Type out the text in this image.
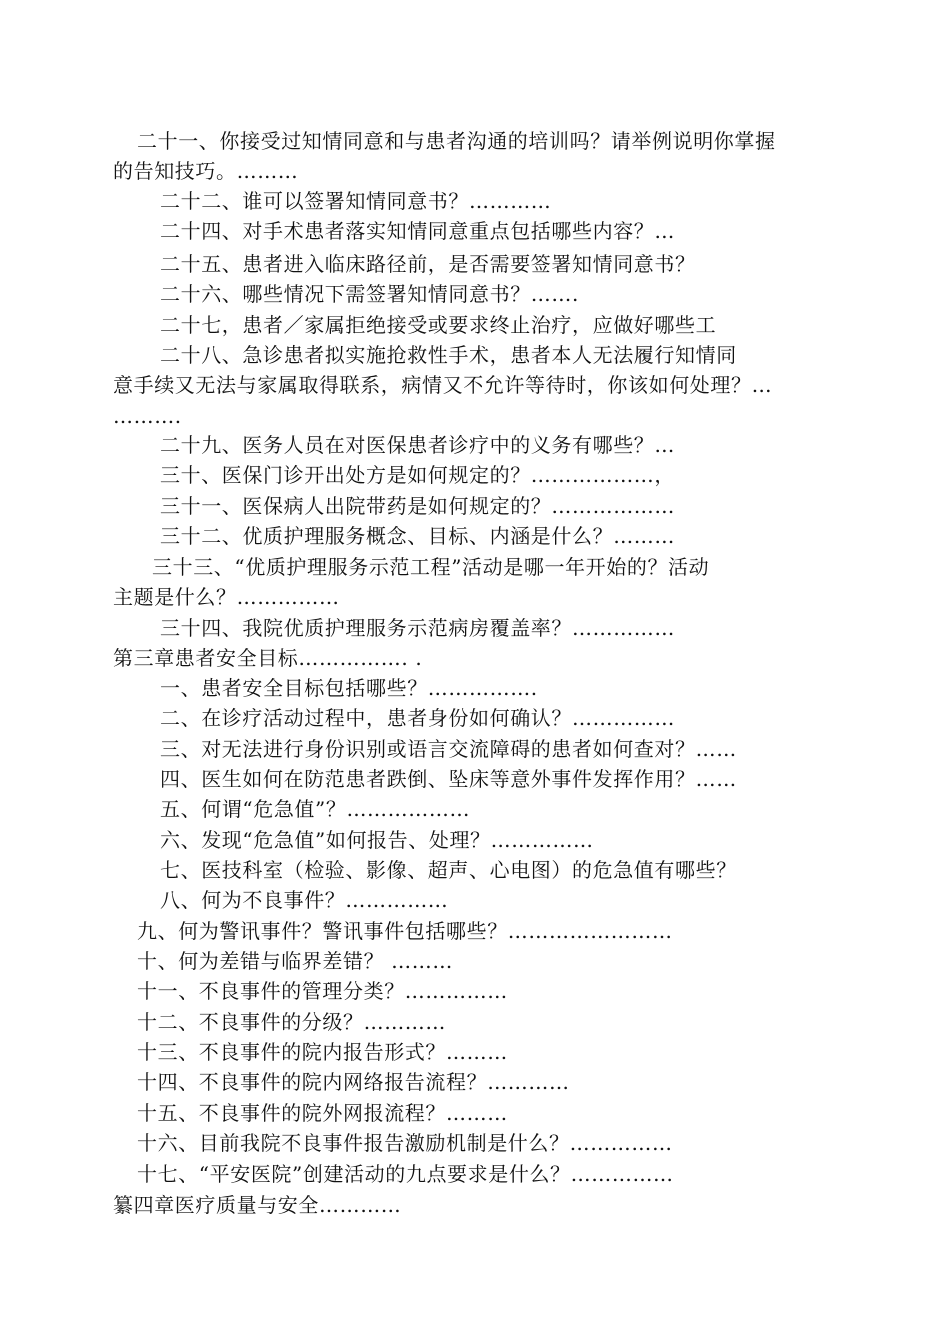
二十一、你接受过知情同意和与患者沟通的培训吗？请举例说明你掌握
的告知技巧。………
二十二、谁可以签署知情同意书？…………
二十四、对手术患者落实知情同意重点包括哪些内容？…
二十五、患者进入临床路径前，是否需要签署知情同意书？
二十六、哪些情况下需签署知情同意书？…….
二十七，患者／家属拒绝接受或要求终止治疗，应做好哪些工
二十八、急诊患者拟实施抢救性手术，患者本人无法履行知情同
意手续又无法与家属取得联系，病情又不允许等待时，你该如何处理？…
……….
二十九、医务人员在对医保患者诊疗中的义务有哪些？…
三十、医保门诊开出处方是如何规定的？………………，
三十一、医保病人出院带药是如何规定的？………………
三十二、优质护理服务概念、目标、内涵是什么？………
三十三、“优质护理服务示范工程”活动是哪一年开始的？活动
主题是什么？……………
三十四、我院优质护理服务示范病房覆盖率？……………
第三章患者安全目标……………. .
一、患者安全目标包括哪些？…………….
二、在诊疗活动过程中，患者身份如何确认？……………
三、对无法进行身份识别或语言交流障碍的患者如何查对？……
四、医生如何在防范患者跌倒、坠床等意外事件发挥作用？……
五、何谓“危急值”？………………
六、发现“危急值”如何报告、处理？……………
七、医技科室（检验、影像、超声、心电图）的危急值有哪些？
八、何为不良事件？……………
九、何为警讯事件？警讯事件包括哪些？……………………
十、何为差错与临界差错？ ………
十一、不良事件的管理分类？……………
十二、不良事件的分级？…………
十三、不良事件的院内报告形式？………
十四、不良事件的院内网络报告流程？…………
十五、不良事件的院外网报流程？………
十六、目前我院不良事件报告激励机制是什么？……………
十七、“平安医院”创建活动的九点要求是什么？……………
纂四章医疗质量与安全…………
